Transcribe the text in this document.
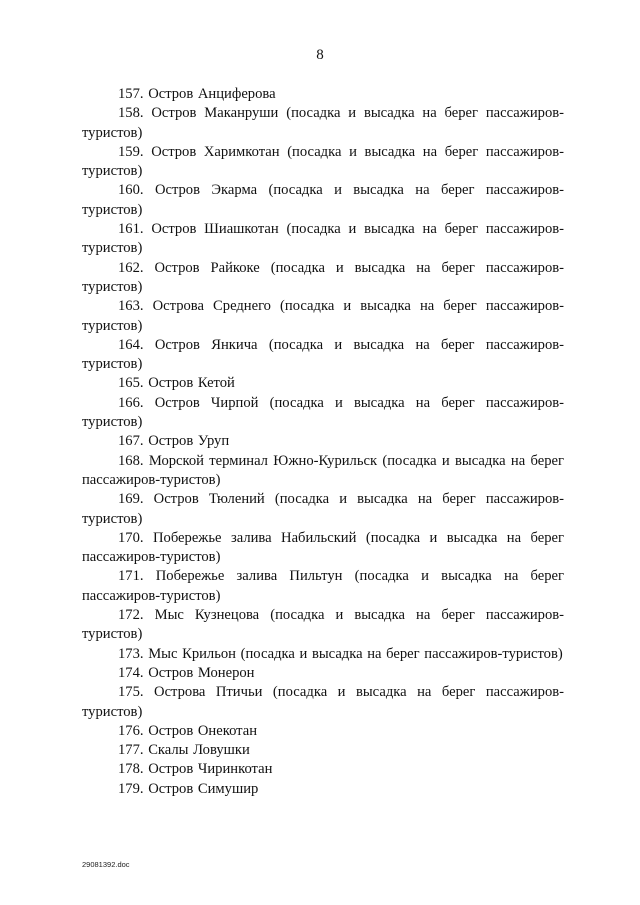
8

157. Остров Анциферова

158. Остров Маканруши (посадка и высадка на берег пассажиров-туристов)

159. Остров Харимкотан (посадка и высадка на берег пассажиров-туристов)

160. Остров Экарма (посадка и высадка на берег пассажиров-туристов)

161. Остров Шиашкотан (посадка и высадка на берег пассажиров-туристов)

162. Остров Райкоке (посадка и высадка на берег пассажиров-туристов)

163. Острова Среднего (посадка и высадка на берег пассажиров-туристов)

164. Остров Янкича (посадка и высадка на берег пассажиров-туристов)

165. Остров Кетой

166. Остров Чирпой (посадка и высадка на берег пассажиров-туристов)

167. Остров Уруп

168. Морской терминал Южно-Курильск (посадка и высадка на берег пассажиров-туристов)

169. Остров Тюлений (посадка и высадка на берег пассажиров-туристов)

170. Побережье залива Набильский (посадка и высадка на берег пассажиров-туристов)

171. Побережье залива Пильтун (посадка и высадка на берег пассажиров-туристов)

172. Мыс Кузнецова (посадка и высадка на берег пассажиров-туристов)

173. Мыс Крильон (посадка и высадка на берег пассажиров-туристов)

174. Остров Монерон

175. Острова Птичьи (посадка и высадка на берег пассажиров-туристов)

176. Остров Онекотан

177. Скалы Ловушки

178. Остров Чиринкотан

179. Остров Симушир

29081392.doc
